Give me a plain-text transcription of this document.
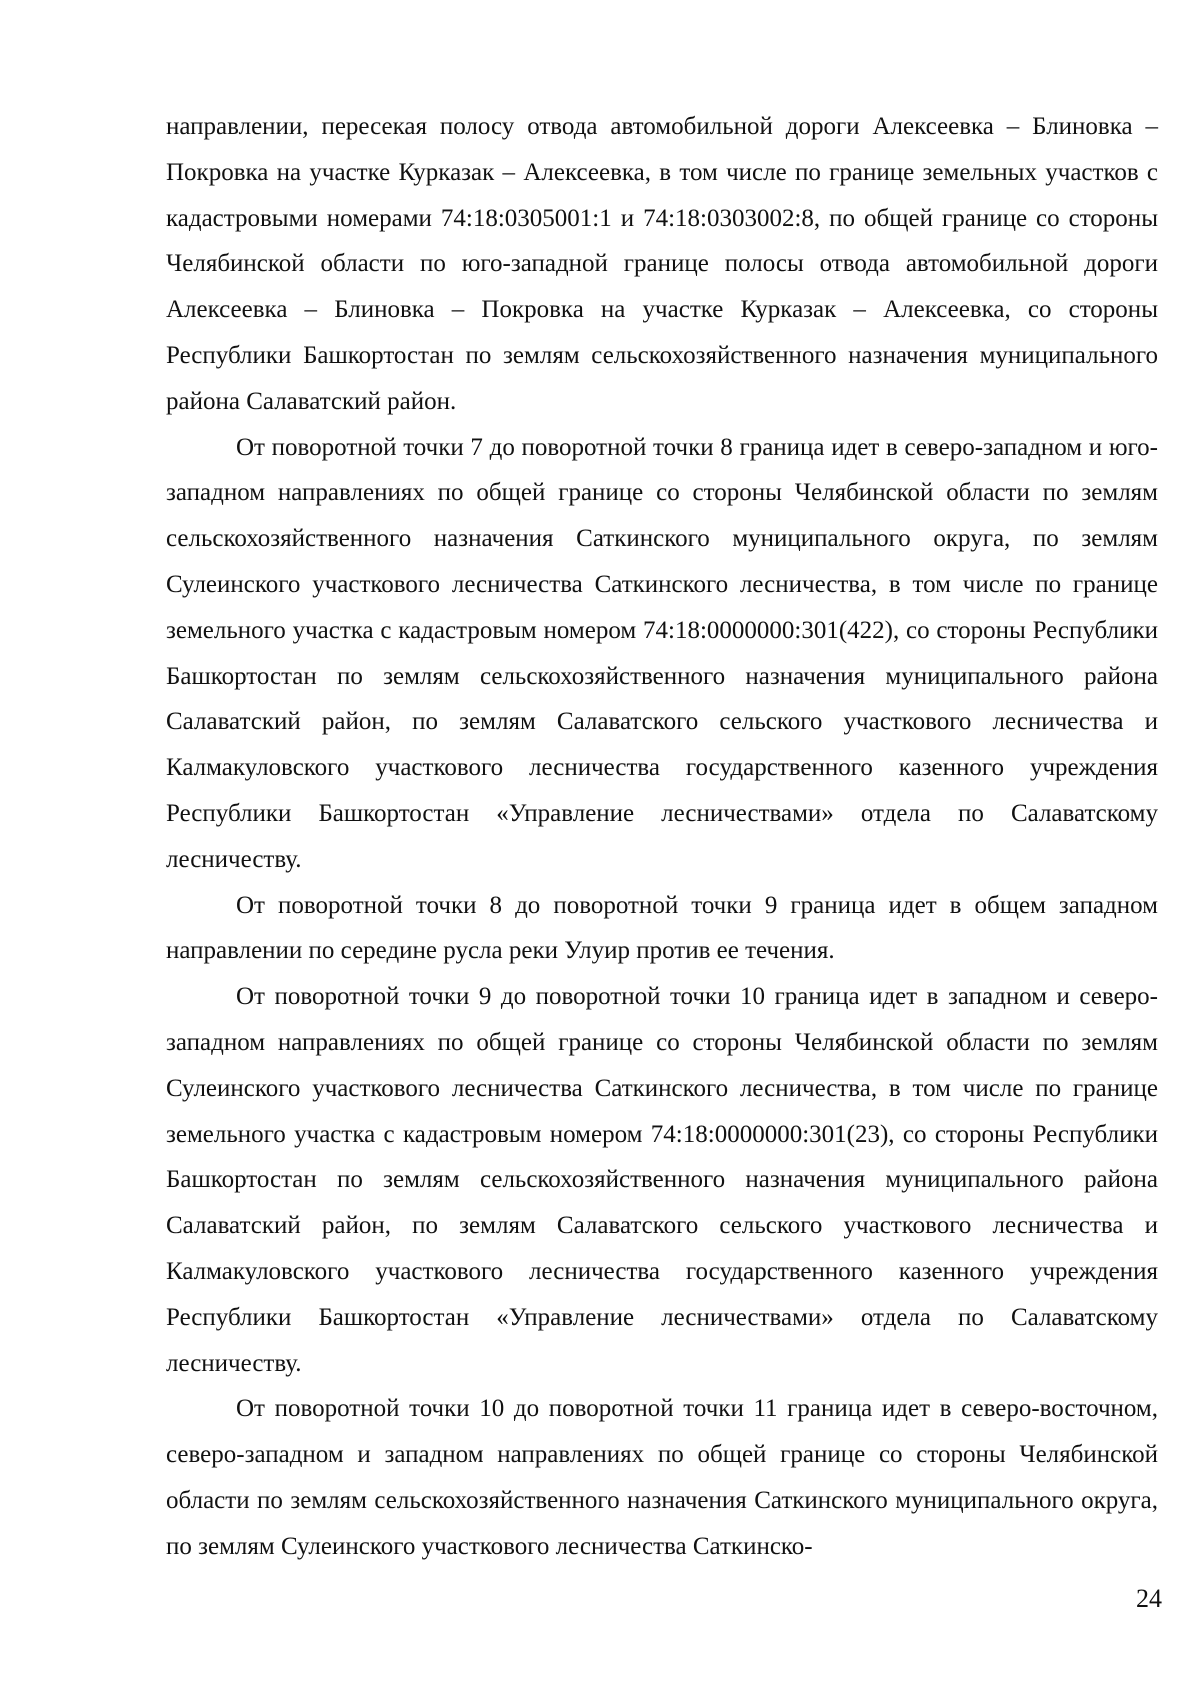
направлении, пересекая полосу отвода автомобильной дороги Алексеевка – Блиновка – Покровка на участке Курказак – Алексеевка, в том числе по границе земельных участков с кадастровыми номерами 74:18:0305001:1 и 74:18:0303002:8, по общей границе со стороны Челябинской области по юго-западной границе полосы отвода автомобильной дороги Алексеевка – Блиновка – Покровка на участке Курказак – Алексеевка, со стороны Республики Башкортостан по землям сельскохозяйственного назначения муниципального района Салаватский район.

От поворотной точки 7 до поворотной точки 8 граница идет в северо-западном и юго-западном направлениях по общей границе со стороны Челябинской области по землям сельскохозяйственного назначения Саткинского муниципального округа, по землям Сулеинского участкового лесничества Саткинского лесничества, в том числе по границе земельного участка с кадастровым номером 74:18:0000000:301(422), со стороны Республики Башкортостан по землям сельскохозяйственного назначения муниципального района Салаватский район, по землям Салаватского сельского участкового лесничества и Калмакуловского участкового лесничества государственного казенного учреждения Республики Башкортостан «Управление лесничествами» отдела по Салаватскому лесничеству.

От поворотной точки 8 до поворотной точки 9 граница идет в общем западном направлении по середине русла реки Улуир против ее течения.

От поворотной точки 9 до поворотной точки 10 граница идет в западном и северо-западном направлениях по общей границе со стороны Челябинской области по землям Сулеинского участкового лесничества Саткинского лесничества, в том числе по границе земельного участка с кадастровым номером 74:18:0000000:301(23), со стороны Республики Башкортостан по землям сельскохозяйственного назначения муниципального района Салаватский район, по землям Салаватского сельского участкового лесничества и Калмакуловского участкового лесничества государственного казенного учреждения Республики Башкортостан «Управление лесничествами» отдела по Салаватскому лесничеству.

От поворотной точки 10 до поворотной точки 11 граница идет в северо-восточном, северо-западном и западном направлениях по общей границе со стороны Челябинской области по землям сельскохозяйственного назначения Саткинского муниципального округа, по землям Сулеинского участкового лесничества Саткинско-

24
